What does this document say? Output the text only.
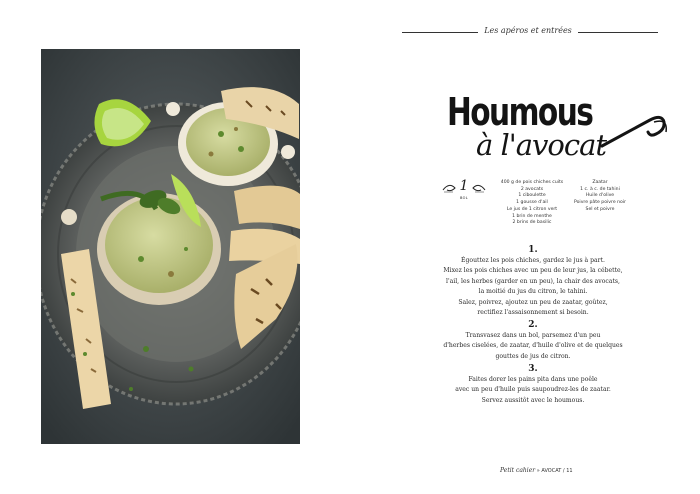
Les apéros et entrées
Houmous
à l'avocat
1
BOL
400 g de pois chiches cuits
2 avocats
1 ciboulette
1 gousse d'ail
Le jus de 1 citron vert
1 brin de menthe
2 brins de basilic
Zaatar
1 c. à c. de tahini
Huile d'olive
Poivre pâte poivre noir
Sel et poivre
1.
Égouttez les pois chiches, gardez le jus à part.
Mixez les pois chiches avec un peu de leur jus, la cébette,
l'ail, les herbes (garder en un peu), la chair des avocats,
la moitié du jus du citron, le tahini.
Salez, poivrez, ajoutez un peu de zaatar, goûtez,
rectifiez l'assaisonnement si besoin.
2.
Transvasez dans un bol, parsemez d'un peu
d'herbes ciselées, de zaatar, d'huile d'olive et de quelques
gouttes de jus de citron.
3.
Faites dorer les pains pita dans une poêle
avec un peu d'huile puis saupoudrez-les de zaatar.
Servez aussitôt avec le houmous.
Petit cahier » AVOCAT / 11
